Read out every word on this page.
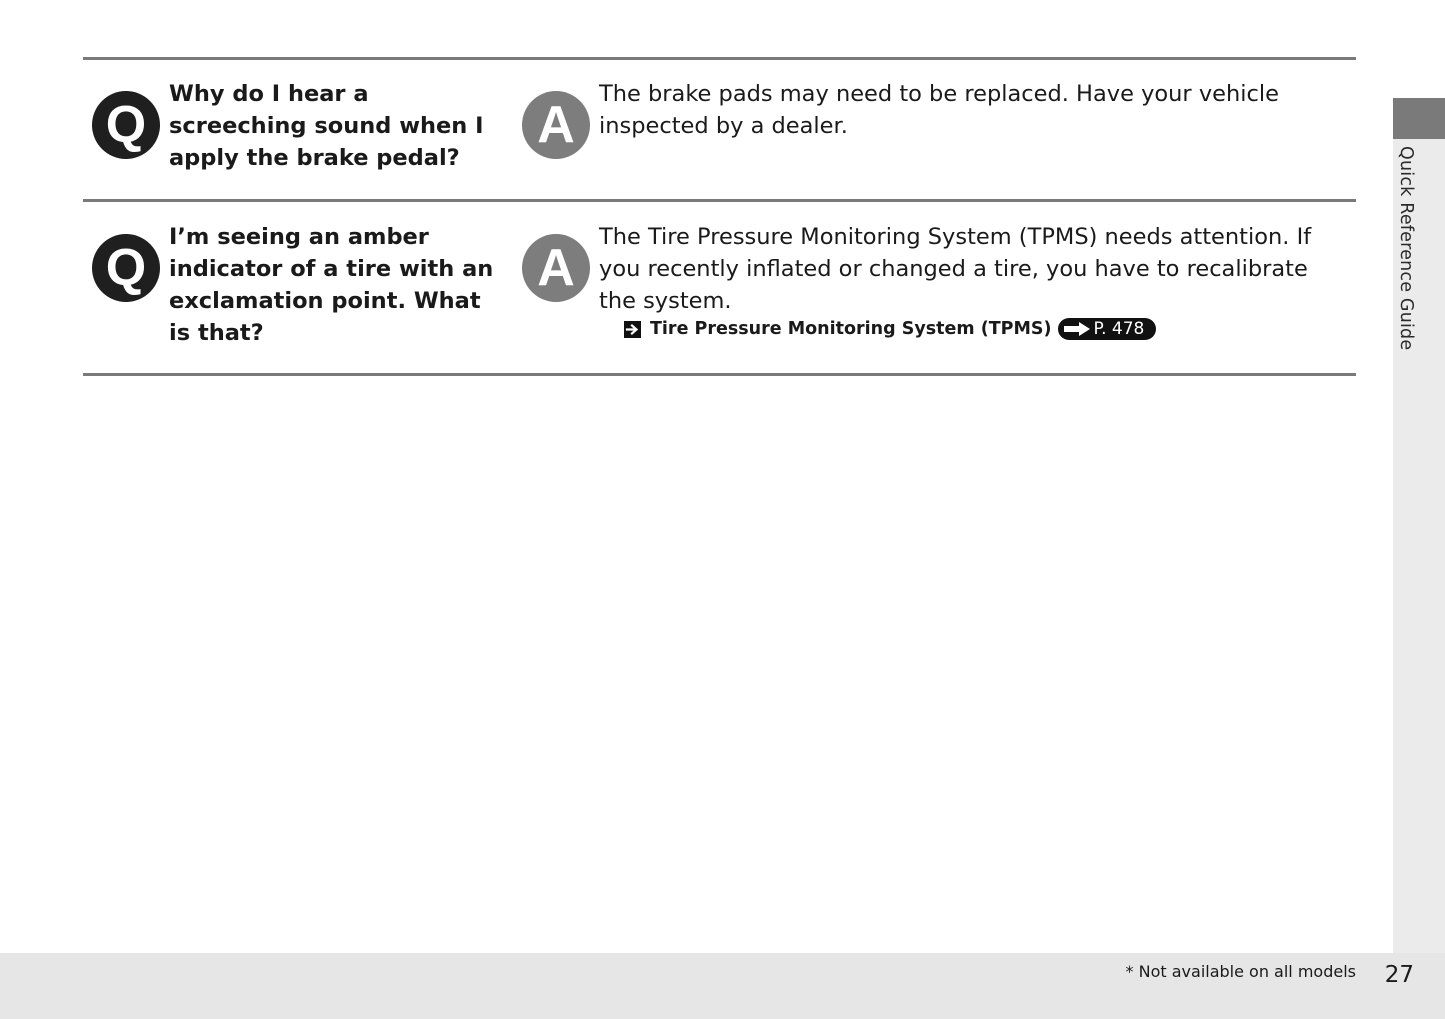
Q

Why do I hear a screeching sound when I apply the brake pedal?

A

The brake pads may need to be replaced. Have your vehicle inspected by a dealer.

Q

I’m seeing an amber indicator of a tire with an exclamation point. What is that?

A

The Tire Pressure Monitoring System (TPMS) needs attention. If you recently inflated or changed a tire, you have to recalibrate the system.

Tire Pressure Monitoring System (TPMS) P. 478	Quick Reference Guide
* Not available on all models 27
